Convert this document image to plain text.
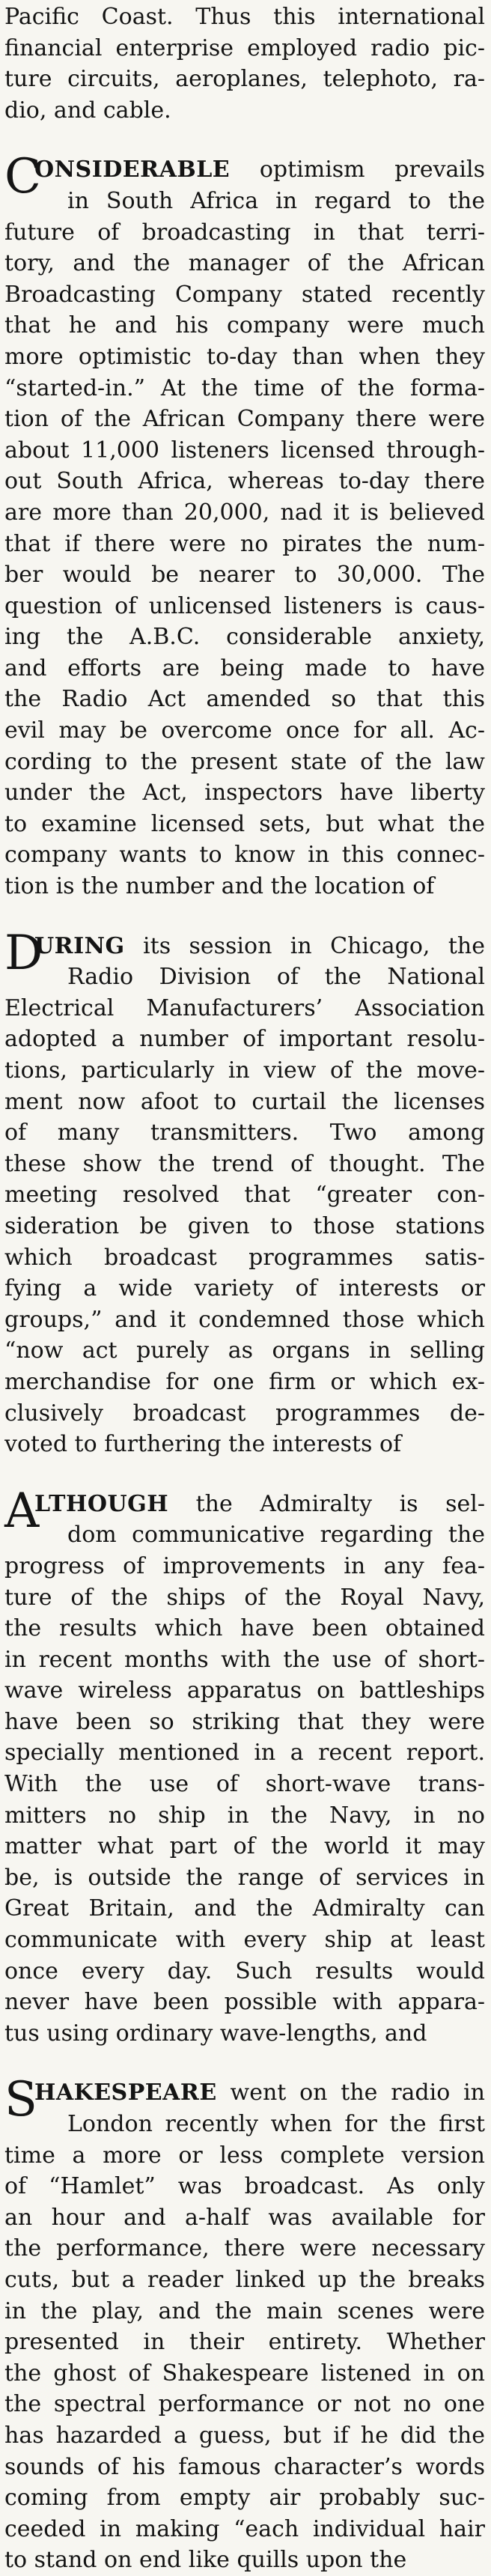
Pacific Coast. Thus this international
financial enterprise employed radio pic-
ture circuits, aeroplanes, telephoto, ra-
dio, and cable.
C
ONSIDERABLE optimism prevails
in South Africa in regard to the
future of broadcasting in that terri-
tory, and the manager of the African
Broadcasting Company stated recently
that he and his company were much
more optimistic to-day than when they
“started-in.” At the time of the forma-
tion of the African Company there were
about 11,000 listeners licensed through-
out South Africa, whereas to-day there
are more than 20,000, nad it is believed
that if there were no pirates the num-
ber would be nearer to 30,000. The
question of unlicensed listeners is caus-
ing the A.B.C. considerable anxiety,
and efforts are being made to have
the Radio Act amended so that this
evil may be overcome once for all. Ac-
cording to the present state of the law
under the Act, inspectors have liberty
to examine licensed sets, but what the
company wants to know in this connec-
tion is the number and the location of
D
URING its session in Chicago, the
Radio Division of the National
Electrical Manufacturers’ Association
adopted a number of important resolu-
tions, particularly in view of the move-
ment now afoot to curtail the licenses
of many transmitters. Two among
these show the trend of thought. The
meeting resolved that “greater con-
sideration be given to those stations
which broadcast programmes satis-
fying a wide variety of interests or
groups,” and it condemned those which
“now act purely as organs in selling
merchandise for one firm or which ex-
clusively broadcast programmes de-
voted to furthering the interests of
A
LTHOUGH the Admiralty is sel-
dom communicative regarding the
progress of improvements in any fea-
ture of the ships of the Royal Navy,
the results which have been obtained
in recent months with the use of short-
wave wireless apparatus on battleships
have been so striking that they were
specially mentioned in a recent report.
With the use of short-wave trans-
mitters no ship in the Navy, in no
matter what part of the world it may
be, is outside the range of services in
Great Britain, and the Admiralty can
communicate with every ship at least
once every day. Such results would
never have been possible with appara-
tus using ordinary wave-lengths, and
S
HAKESPEARE went on the radio in
London recently when for the first
time a more or less complete version
of “Hamlet” was broadcast. As only
an hour and a-half was available for
the performance, there were necessary
cuts, but a reader linked up the breaks
in the play, and the main scenes were
presented in their entirety. Whether
the ghost of Shakespeare listened in on
the spectral performance or not no one
has hazarded a guess, but if he did the
sounds of his famous character’s words
coming from empty air probably suc-
ceeded in making “each individual hair
to stand on end like quills upon the
